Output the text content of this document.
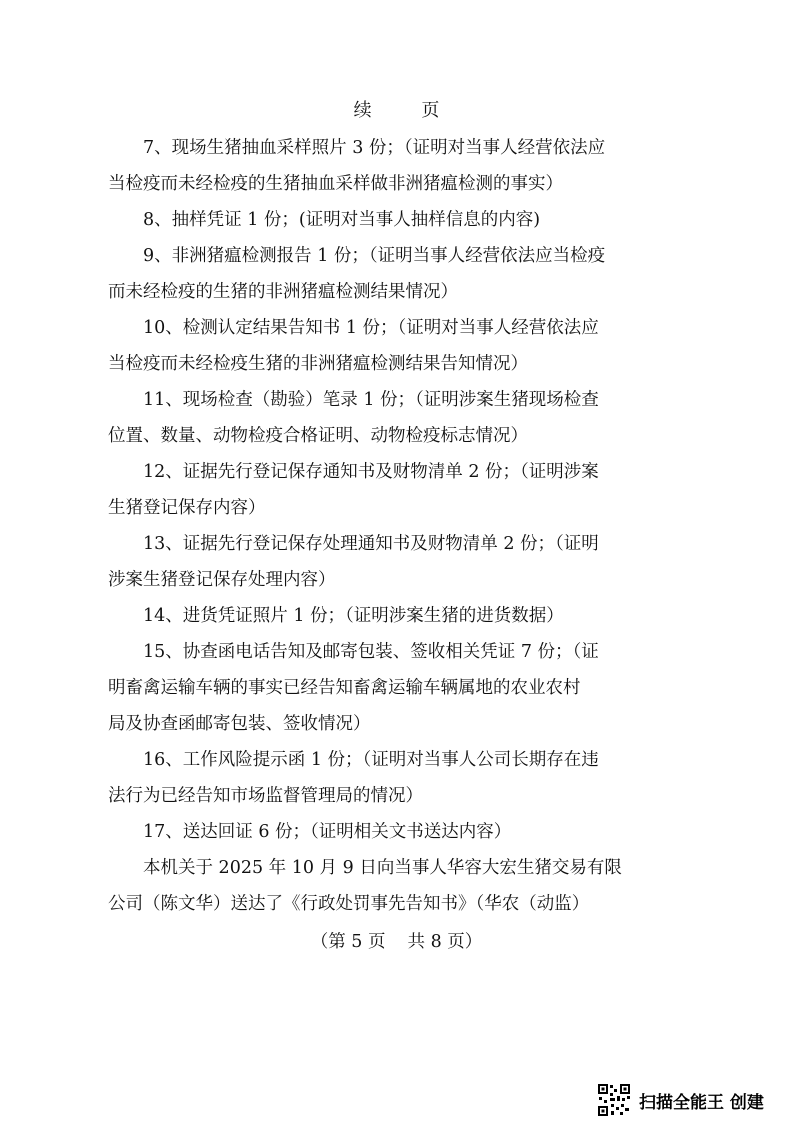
续 页

7、现场生猪抽血采样照片 3 份；（证明对当事人经营依法应
当检疫而未经检疫的生猪抽血采样做非洲猪瘟检测的事实）

8、抽样凭证 1 份；(证明对当事人抽样信息的内容)

9、非洲猪瘟检测报告 1 份；（证明当事人经营依法应当检疫
而未经检疫的生猪的非洲猪瘟检测结果情况）

10、检测认定结果告知书 1 份；（证明对当事人经营依法应
当检疫而未经检疫生猪的非洲猪瘟检测结果告知情况）

11、现场检查（勘验）笔录 1 份；（证明涉案生猪现场检查
位置、数量、动物检疫合格证明、动物检疫标志情况）

12、证据先行登记保存通知书及财物清单 2 份；（证明涉案
生猪登记保存内容）

13、证据先行登记保存处理通知书及财物清单 2 份；（证明
涉案生猪登记保存处理内容）

14、进货凭证照片 1 份；（证明涉案生猪的进货数据）

15、协查函电话告知及邮寄包装、签收相关凭证 7 份；（证
明畜禽运输车辆的事实已经告知畜禽运输车辆属地的农业农村
局及协查函邮寄包装、签收情况）

16、工作风险提示函 1 份；（证明对当事人公司长期存在违
法行为已经告知市场监督管理局的情况）

17、送达回证 6 份；（证明相关文书送达内容）

本机关于 2025 年 10 月 9 日向当事人华容大宏生猪交易有限
公司（陈文华）送达了《行政处罚事先告知书》（华农（动监）

（第 5 页 共 8 页）
扫描全能王 创建
